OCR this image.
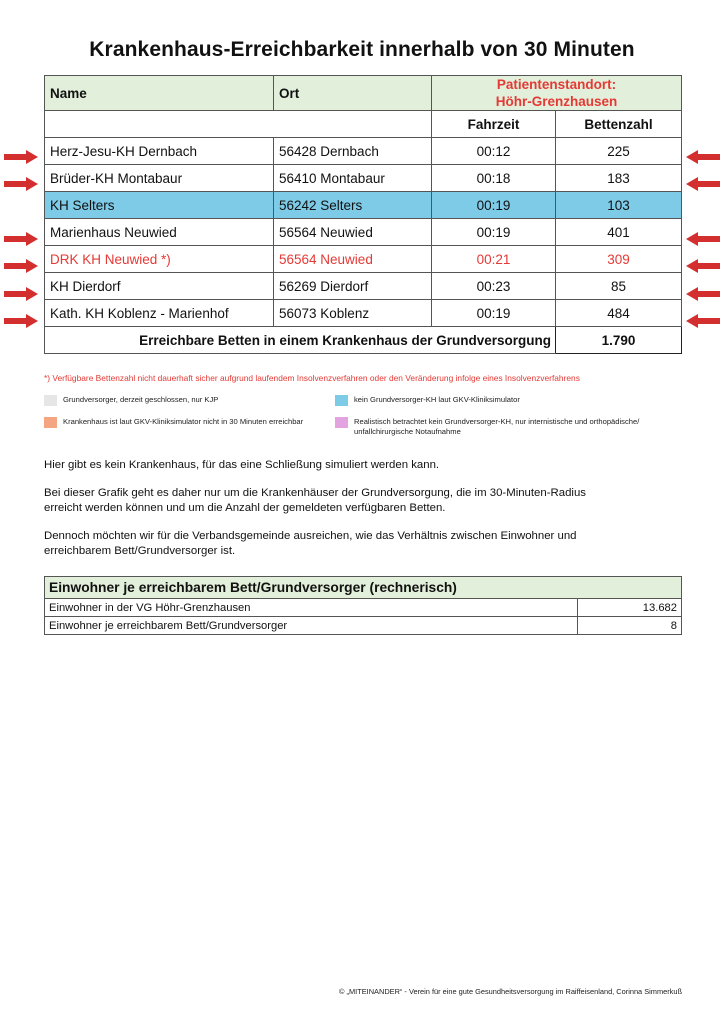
Krankenhaus-Erreichbarkeit innerhalb von 30 Minuten
Name	Ort	Patientenstandort:
Höhr-Grenzhausen	
		Fahrzeit	Bettenzahl
Herz-Jesu-KH Dernbach	56428 Dernbach	00:12	225
Brüder-KH Montabaur	56410 Montabaur	00:18	183
KH Selters	56242 Selters	00:19	103
Marienhaus Neuwied	56564 Neuwied	00:19	401
DRK KH Neuwied *)	56564 Neuwied	00:21	309
KH Dierdorf	56269 Dierdorf	00:23	85
Kath. KH Koblenz - Marienhof	56073 Koblenz	00:19	484
Erreichbare Betten in einem Krankenhaus der Grundversorgung			1.790
*) Verfügbare Bettenzahl nicht dauerhaft sicher aufgrund laufendem Insolvenzverfahren oder den Veränderung infolge eines Insolvenzverfahrens
Grundversorger, derzeit geschlossen, nur KJP	kein Grundversorger-KH laut GKV-Kliniksimulator
Krankenhaus ist laut GKV-Kliniksimulator nicht in 30 Minuten erreichbar	Realistisch betrachtet kein Grundversorger-KH, nur internistische und orthopädische/
unfallchirurgische Notaufnahme
Hier gibt es kein Krankenhaus, für das eine Schließung simuliert werden kann.
Bei dieser Grafik geht es daher nur um die Krankenhäuser der Grundversorgung, die im 30-Minuten-Radius
erreicht werden können und um die Anzahl der gemeldeten verfügbaren Betten.
Dennoch möchten wir für die Verbandsgemeinde ausreichen, wie das Verhältnis zwischen Einwohner und
erreichbarem Bett/Grundversorger ist.
Einwohner je erreichbarem Bett/Grundversorger (rechnerisch)	
Einwohner in der VG Höhr-Grenzhausen	13.682
Einwohner je erreichbarem Bett/Grundversorger	8
© „MITEINANDER“ - Verein für eine gute Gesundheitsversorgung im Raiffeisenland, Corinna Simmerkuß
